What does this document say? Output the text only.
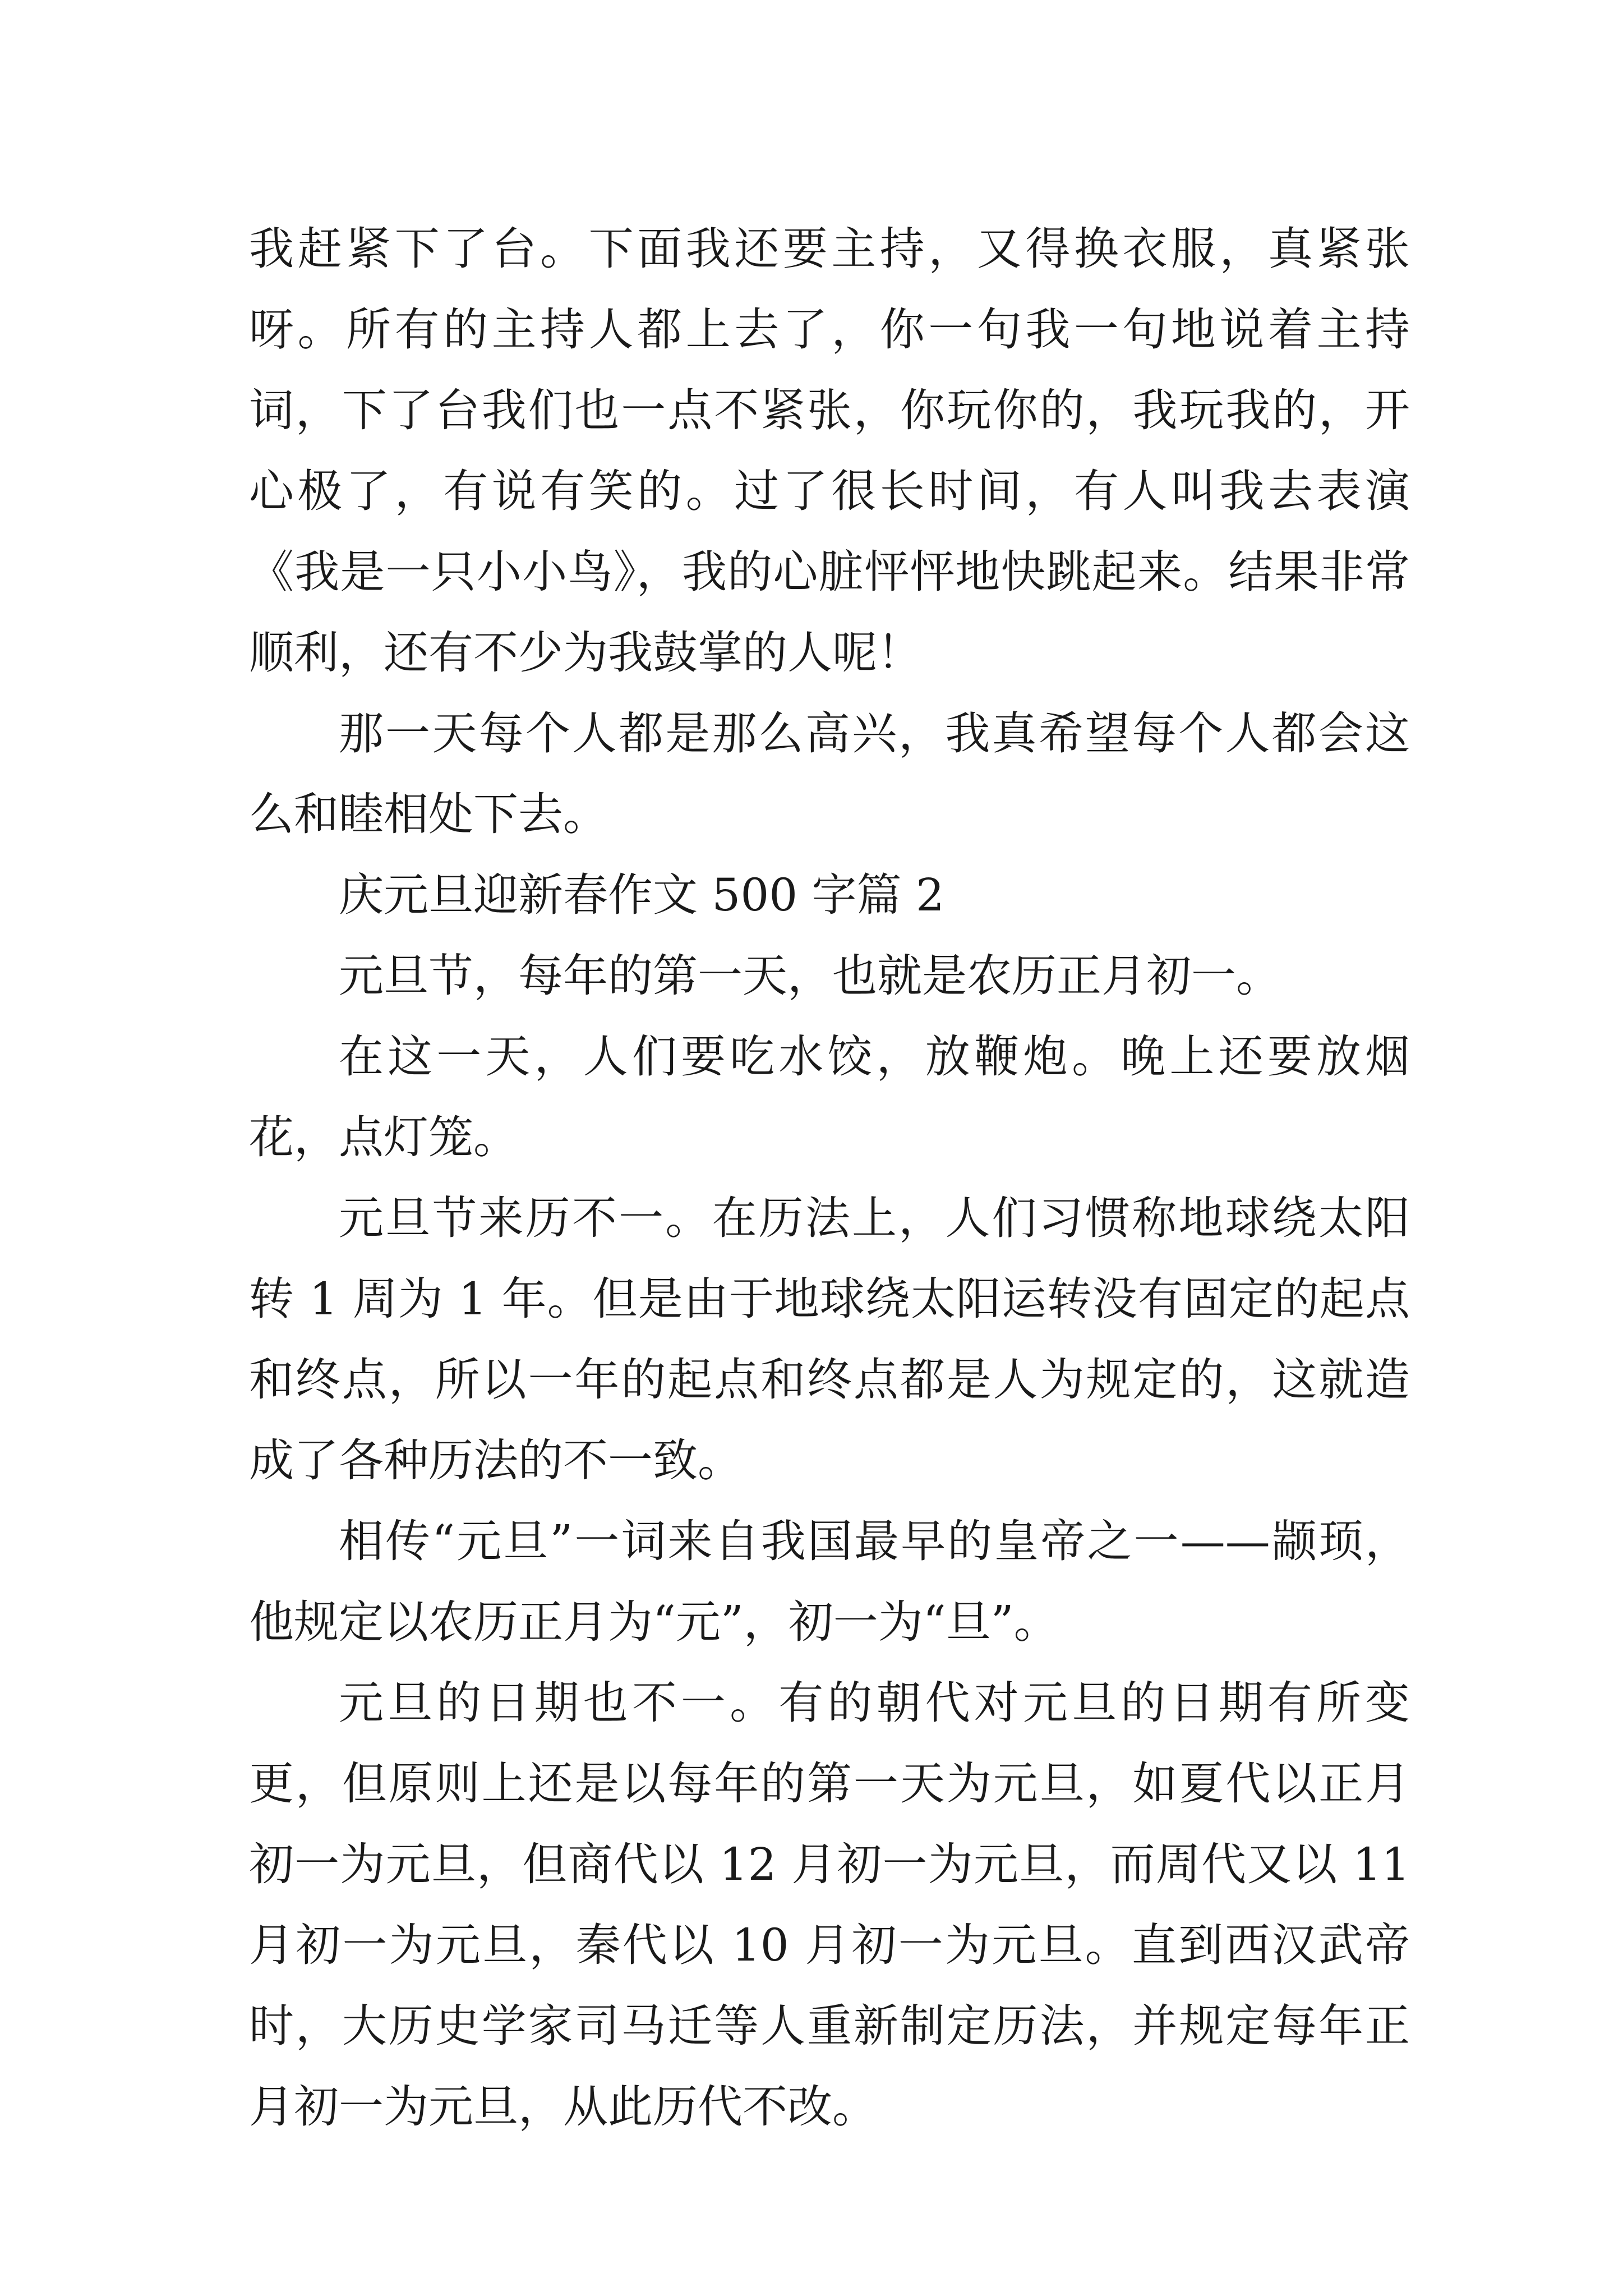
我赶紧下了台。下面我还要主持，又得换衣服，真紧张呀。所有的主持人都上去了，你一句我一句地说着主持词，下了台我们也一点不紧张，你玩你的，我玩我的，开心极了，有说有笑的。过了很长时间，有人叫我去表演《我是一只小小鸟》，我的心脏怦怦地快跳起来。结果非常顺利，还有不少为我鼓掌的人呢！

那一天每个人都是那么高兴，我真希望每个人都会这么和睦相处下去。

庆元旦迎新春作文 500 字篇 2

元旦节，每年的第一天，也就是农历正月初一。

在这一天，人们要吃水饺，放鞭炮。晚上还要放烟花，点灯笼。

元旦节来历不一。在历法上，人们习惯称地球绕太阳转 1 周为 1 年。但是由于地球绕太阳运转没有固定的起点和终点，所以一年的起点和终点都是人为规定的，这就造成了各种历法的不一致。

相传“元旦”一词来自我国最早的皇帝之一——颛顼，他规定以农历正月为“元”，初一为“旦”。

元旦的日期也不一。有的朝代对元旦的日期有所变更，但原则上还是以每年的第一天为元旦，如夏代以正月初一为元旦，但商代以 12 月初一为元旦，而周代又以 11 月初一为元旦，秦代以 10 月初一为元旦。直到西汉武帝时，大历史学家司马迁等人重新制定历法，并规定每年正月初一为元旦，从此历代不改。
